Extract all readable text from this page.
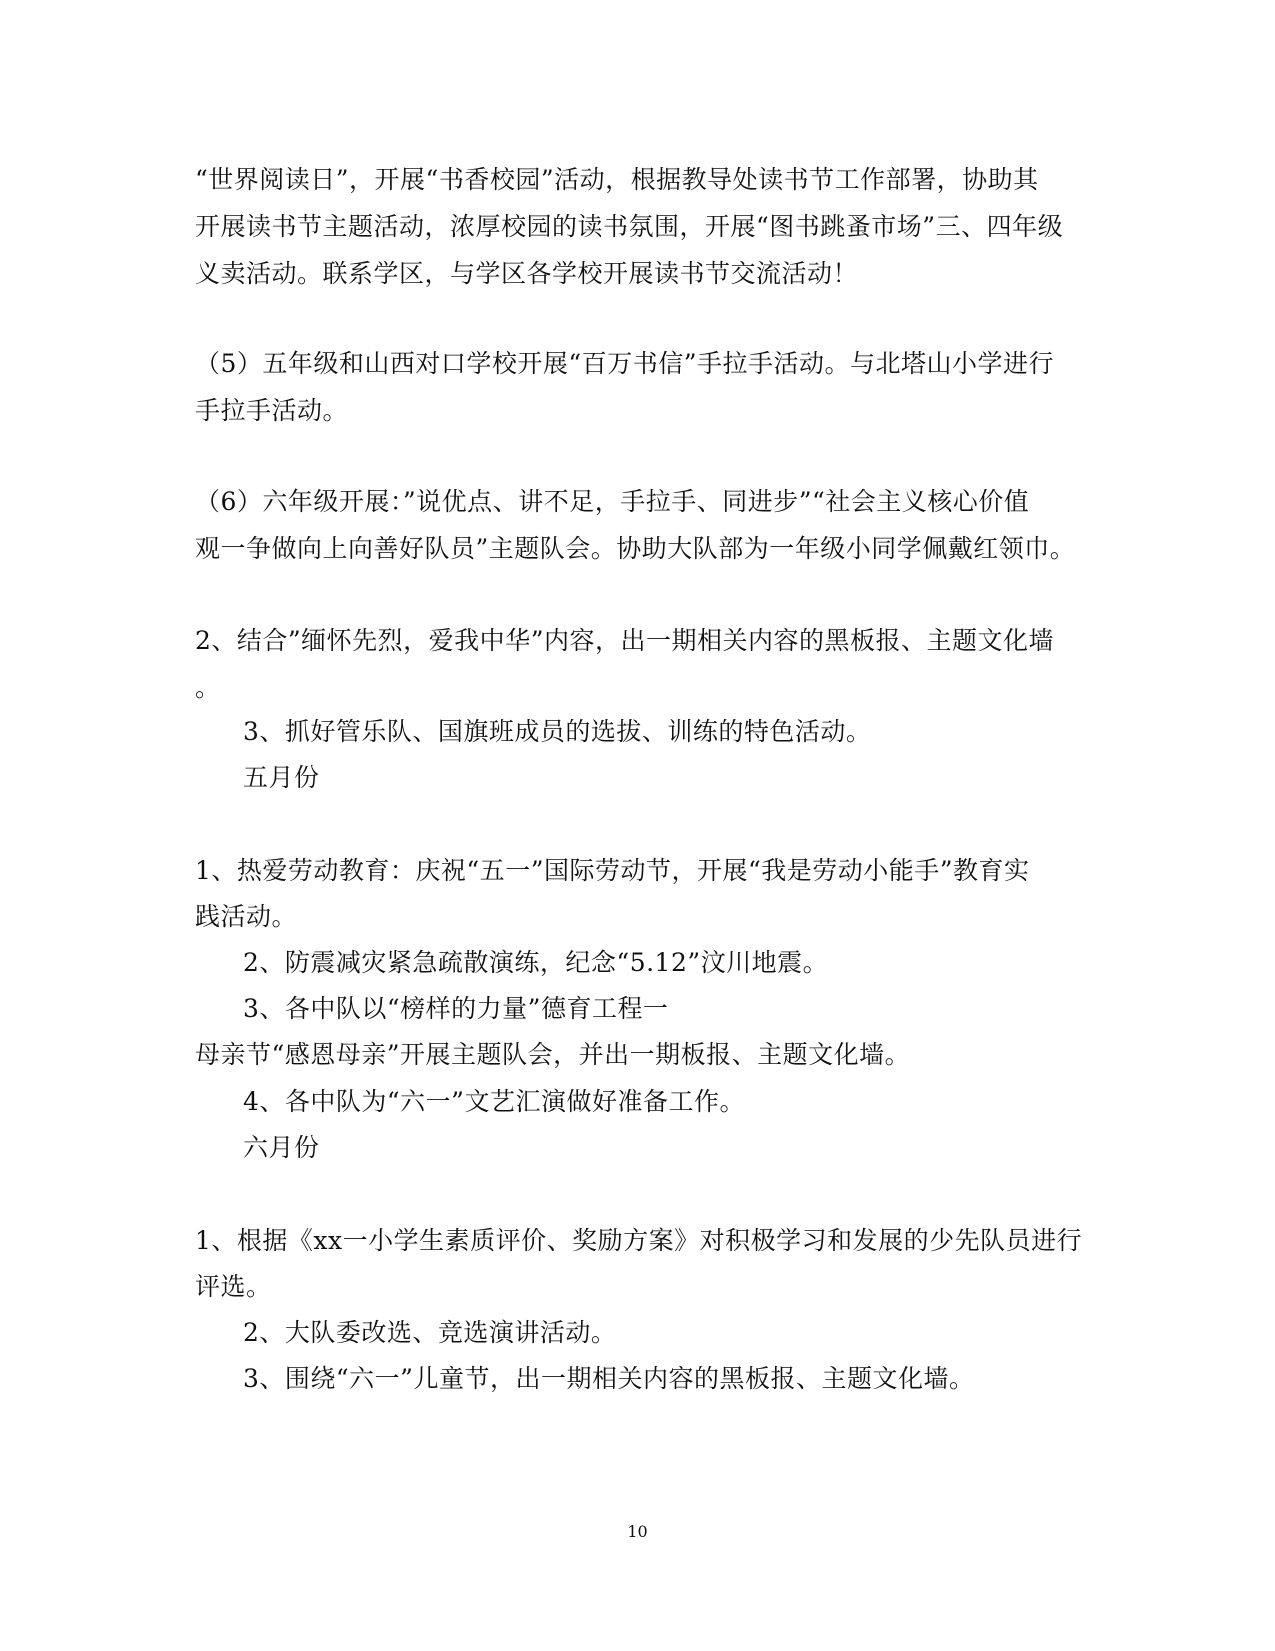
“世界阅读日”，开展“书香校园”活动，根据教导处读书节工作部署，协助其
开展读书节主题活动，浓厚校园的读书氛围，开展“图书跳蚤市场”三、四年级
义卖活动。联系学区，与学区各学校开展读书节交流活动！
（5）五年级和山西对口学校开展“百万书信”手拉手活动。与北塔山小学进行
手拉手活动。
（6）六年级开展：”说优点、讲不足，手拉手、同进步”“社会主义核心价值
观一争做向上向善好队员”主题队会。协助大队部为一年级小同学佩戴红领巾。
2、结合”缅怀先烈，爱我中华”内容，出一期相关内容的黑板报、主题文化墙
。
3、抓好管乐队、国旗班成员的选拔、训练的特色活动。
五月份
1、热爱劳动教育：庆祝“五一”国际劳动节，开展“我是劳动小能手”教育实
践活动。
2、防震减灾紧急疏散演练，纪念“5.12”汶川地震。
3、各中队以“榜样的力量”德育工程一
母亲节“感恩母亲”开展主题队会，并出一期板报、主题文化墙。
4、各中队为“六一”文艺汇演做好准备工作。
六月份
1、根据《xx一小学生素质评价、奖励方案》对积极学习和发展的少先队员进行
评选。
2、大队委改选、竞选演讲活动。
3、围绕“六一”儿童节，出一期相关内容的黑板报、主题文化墙。
10
